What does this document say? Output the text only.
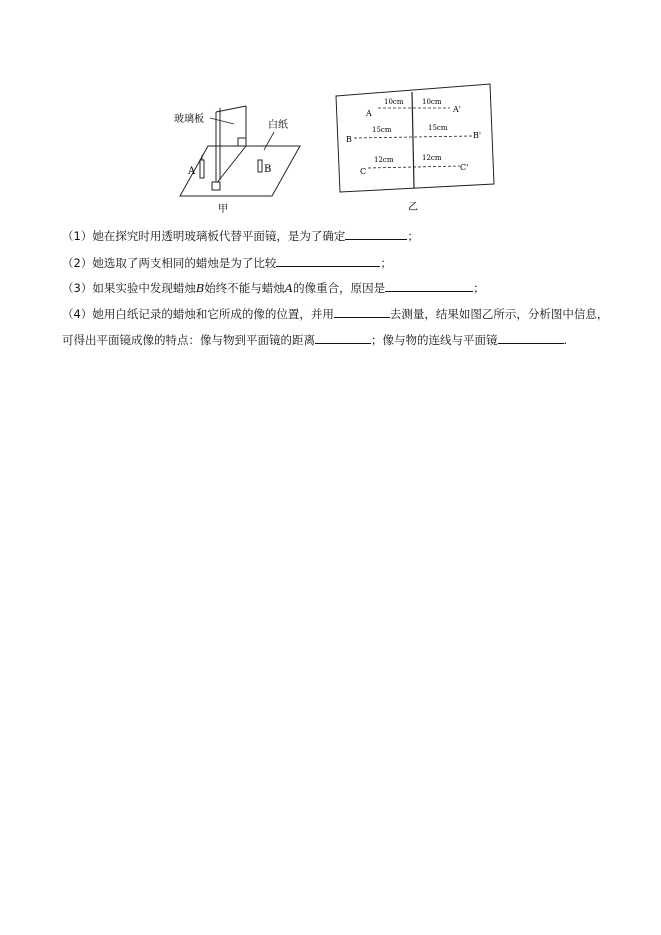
玻璃板
白纸
A	B
甲
A	A'
10cm	10cm
B	B'
15cm	15cm
C	C'
12cm	12cm
乙
（1）她在探究时用透明玻璃板代替平面镜，是为了确定	；
（2）她选取了两支相同的蜡烛是为了比较	；
（3）如果实验中发现蜡烛B始终不能与蜡烛A的像重合，原因是	；
（4）她用白纸记录的蜡烛和它所成的像的位置，并用	去测量，结果如图乙所示，分析图中信息，
可得出平面镜成像的特点：像与物到平面镜的距离	；像与物的连线与平面镜	.
